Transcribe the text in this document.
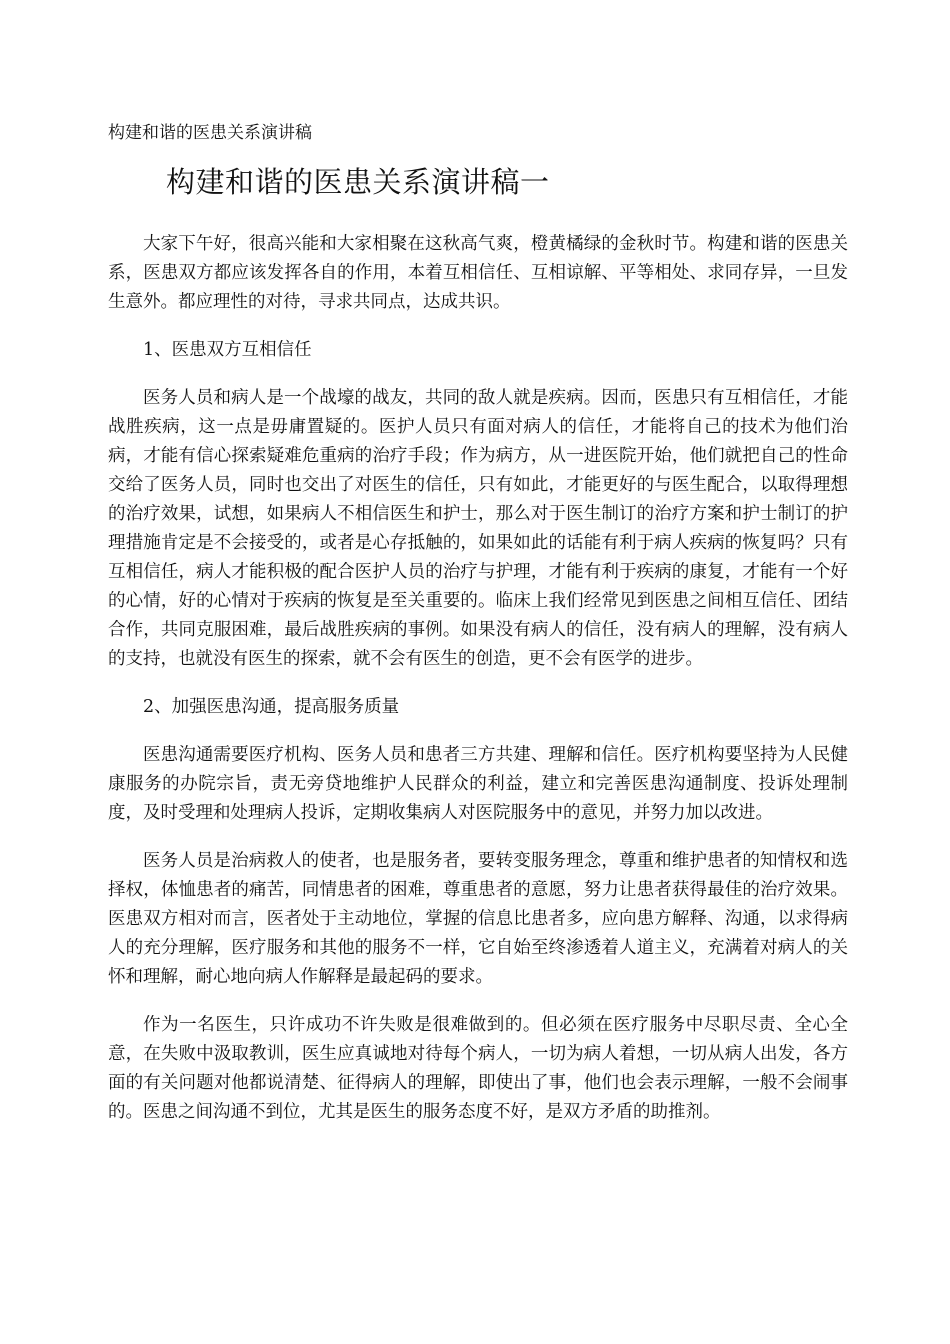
构建和谐的医患关系演讲稿

构建和谐的医患关系演讲稿一

大家下午好，很高兴能和大家相聚在这秋高气爽，橙黄橘绿的金秋时节。构建和谐的医患关系，医患双方都应该发挥各自的作用，本着互相信任、互相谅解、平等相处、求同存异，一旦发生意外。都应理性的对待，寻求共同点，达成共识。

1、医患双方互相信任

医务人员和病人是一个战壕的战友，共同的敌人就是疾病。因而，医患只有互相信任，才能战胜疾病，这一点是毋庸置疑的。医护人员只有面对病人的信任，才能将自己的技术为他们治病，才能有信心探索疑难危重病的治疗手段；作为病方，从一进医院开始，他们就把自己的性命交给了医务人员，同时也交出了对医生的信任，只有如此，才能更好的与医生配合，以取得理想的治疗效果，试想，如果病人不相信医生和护士，那么对于医生制订的治疗方案和护士制订的护理措施肯定是不会接受的，或者是心存抵触的，如果如此的话能有利于病人疾病的恢复吗？只有互相信任，病人才能积极的配合医护人员的治疗与护理，才能有利于疾病的康复，才能有一个好的心情，好的心情对于疾病的恢复是至关重要的。临床上我们经常见到医患之间相互信任、团结合作，共同克服困难，最后战胜疾病的事例。如果没有病人的信任，没有病人的理解，没有病人的支持，也就没有医生的探索，就不会有医生的创造，更不会有医学的进步。

2、加强医患沟通，提高服务质量

医患沟通需要医疗机构、医务人员和患者三方共建、理解和信任。医疗机构要坚持为人民健康服务的办院宗旨，责无旁贷地维护人民群众的利益，建立和完善医患沟通制度、投诉处理制度，及时受理和处理病人投诉，定期收集病人对医院服务中的意见，并努力加以改进。

医务人员是治病救人的使者，也是服务者，要转变服务理念，尊重和维护患者的知情权和选择权，体恤患者的痛苦，同情患者的困难，尊重患者的意愿，努力让患者获得最佳的治疗效果。医患双方相对而言，医者处于主动地位，掌握的信息比患者多，应向患方解释、沟通，以求得病人的充分理解，医疗服务和其他的服务不一样，它自始至终渗透着人道主义，充满着对病人的关怀和理解，耐心地向病人作解释是最起码的要求。

作为一名医生，只许成功不许失败是很难做到的。但必须在医疗服务中尽职尽责、全心全意，在失败中汲取教训，医生应真诚地对待每个病人，一切为病人着想，一切从病人出发，各方面的有关问题对他都说清楚、征得病人的理解，即使出了事，他们也会表示理解，一般不会闹事的。医患之间沟通不到位，尤其是医生的服务态度不好，是双方矛盾的助推剂。
